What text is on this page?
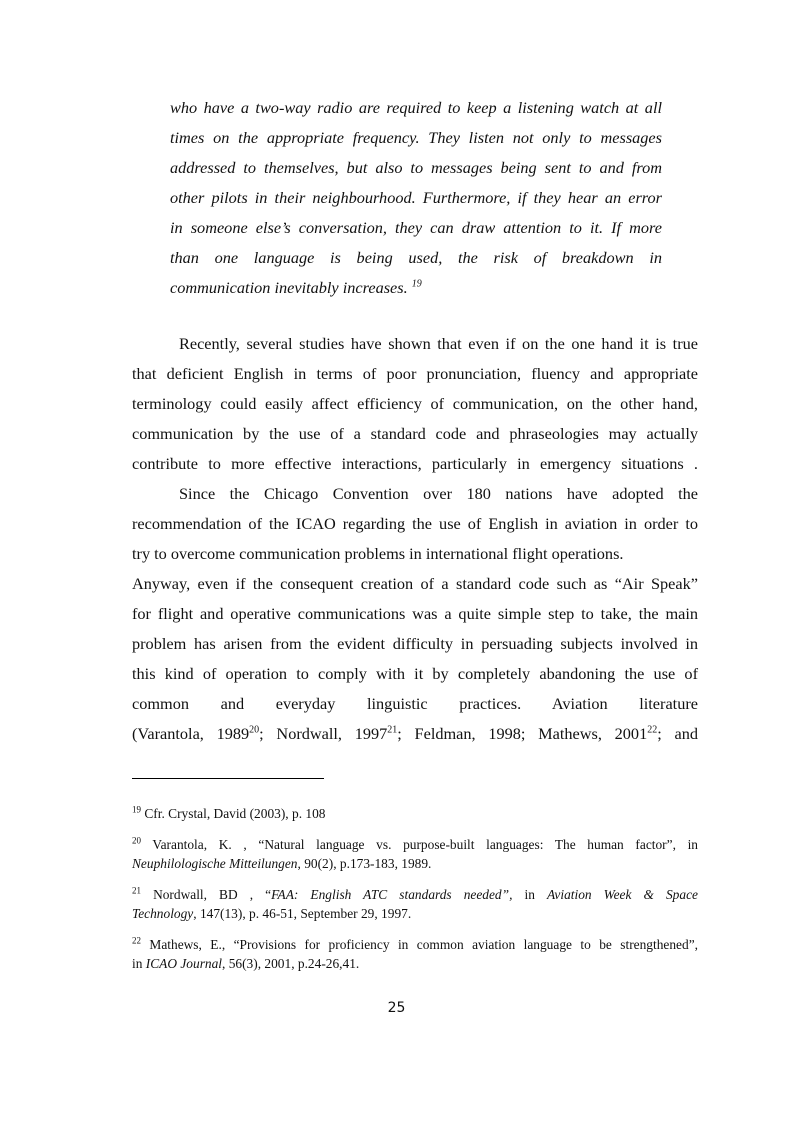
who have a two-way radio are required to keep a listening watch at all
times on the appropriate frequency. They listen not only to messages
addressed to themselves, but also to messages being sent to and from
other pilots in their neighbourhood. Furthermore, if they hear an error
in someone else’s conversation, they can draw attention to it. If more
than one language is being used, the risk of breakdown in
communication inevitably increases. $^{19}$
Recently, several studies have shown that even if on the one hand it is true
that deficient English in terms of poor pronunciation, fluency and appropriate
terminology could easily affect efficiency of communication, on the other hand,
communication by the use of a standard code and phraseologies may actually
contribute to more effective interactions, particularly in emergency situations .
Since the Chicago Convention over 180 nations have adopted the
recommendation of the ICAO regarding the use of English in aviation in order to
try to overcome communication problems in international flight operations.
Anyway, even if the consequent creation of a standard code such as “Air Speak”
for flight and operative communications was a quite simple step to take, the main
problem has arisen from the evident difficulty in persuading subjects involved in
this kind of operation to comply with it by completely abandoning the use of
common and everyday linguistic practices. Aviation literature
(Varantola, 1989$^{20}$; Nordwall, 1997$^{21}$; Feldman, 1998; Mathews, 2001$^{22}$; and
$^{19}$ Cfr. Crystal, David (2003), p. 108
$^{20}$ Varantola, K. , “Natural language vs. purpose-built languages: The human factor”, in
Neuphilologische Mitteilungen, 90(2), p.173-183, 1989.
$^{21}$ Nordwall, BD , “FAA: English ATC standards needed”, in Aviation Week & Space
Technology, 147(13), p. 46-51, September 29, 1997.
$^{22}$ Mathews, E., “Provisions for proficiency in common aviation language to be strengthened”,
in ICAO Journal, 56(3), 2001, p.24-26,41.
25
